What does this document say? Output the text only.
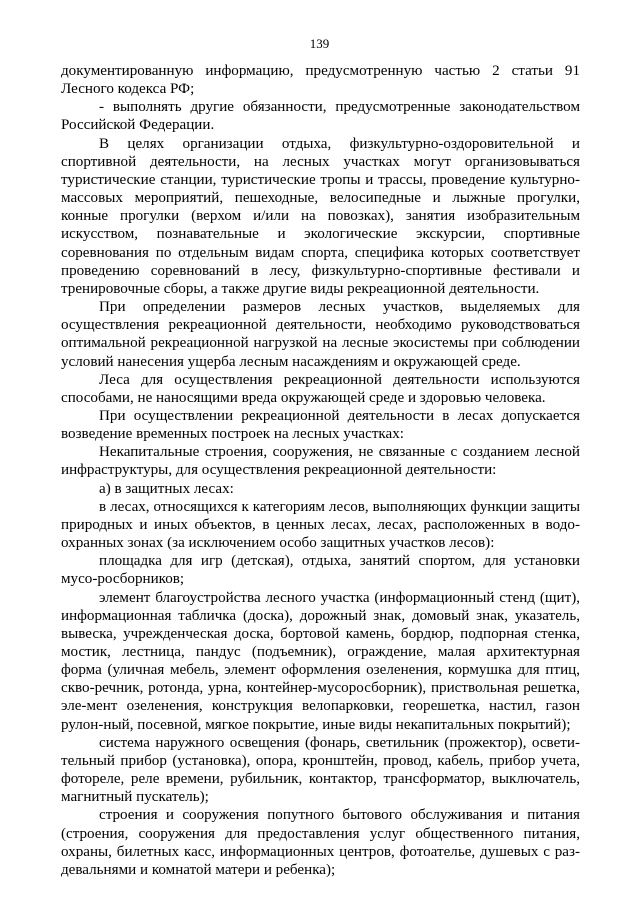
139

документированную информацию, предусмотренную частью 2 статьи 91 Лесного кодекса РФ;

- выполнять другие обязанности, предусмотренные законодательством Российской Федерации.

В целях организации отдыха, физкультурно-оздоровительной и спортивной деятельности, на лесных участках могут организовываться туристические станции, туристические тропы и трассы, проведение культурно-массовых мероприятий, пешеходные, велосипедные и лыжные прогулки, конные прогулки (верхом и/или на повозках), занятия изобразительным искусством, познавательные и экологические экскурсии, спортивные соревнования по отдельным видам спорта, специфика которых соответствует проведению соревнований в лесу, физкультурно-спортивные фестивали и тренировочные сборы, а также другие виды рекреационной деятельности.

При определении размеров лесных участков, выделяемых для осуществления рекреационной деятельности, необходимо руководствоваться оптимальной рекреационной нагрузкой на лесные экосистемы при соблюдении условий нанесения ущерба лесным насаждениям и окружающей среде.

Леса для осуществления рекреационной деятельности используются способами, не наносящими вреда окружающей среде и здоровью человека.

При осуществлении рекреационной деятельности в лесах допускается возведение временных построек на лесных участках:

Некапитальные строения, сооружения, не связанные с созданием лесной инфраструктуры, для осуществления рекреационной деятельности:

а) в защитных лесах:

в лесах, относящихся к категориям лесов, выполняющих функции защиты природных и иных объектов, в ценных лесах, лесах, расположенных в водо-охранных зонах (за исключением особо защитных участков лесов):

площадка для игр (детская), отдыха, занятий спортом, для установки мусо-росборников;

элемент благоустройства лесного участка (информационный стенд (щит), информационная табличка (доска), дорожный знак, домовый знак, указатель, вывеска, учрежденческая доска, бортовой камень, бордюр, подпорная стенка, мостик, лестница, пандус (подъемник), ограждение, малая архитектурная форма (уличная мебель, элемент оформления озеленения, кормушка для птиц, скво-речник, ротонда, урна, контейнер-мусоросборник), приствольная решетка, эле-мент озеленения, конструкция велопарковки, георешетка, настил, газон рулон-ный, посевной, мягкое покрытие, иные виды некапитальных покрытий);

система наружного освещения (фонарь, светильник (прожектор), освети-тельный прибор (установка), опора, кронштейн, провод, кабель, прибор учета, фотореле, реле времени, рубильник, контактор, трансформатор, выключатель, магнитный пускатель);

строения и сооружения попутного бытового обслуживания и питания (строения, сооружения для предоставления услуг общественного питания, охраны, билетных касс, информационных центров, фотоателье, душевых с раз-девальнями и комнатой матери и ребенка);
